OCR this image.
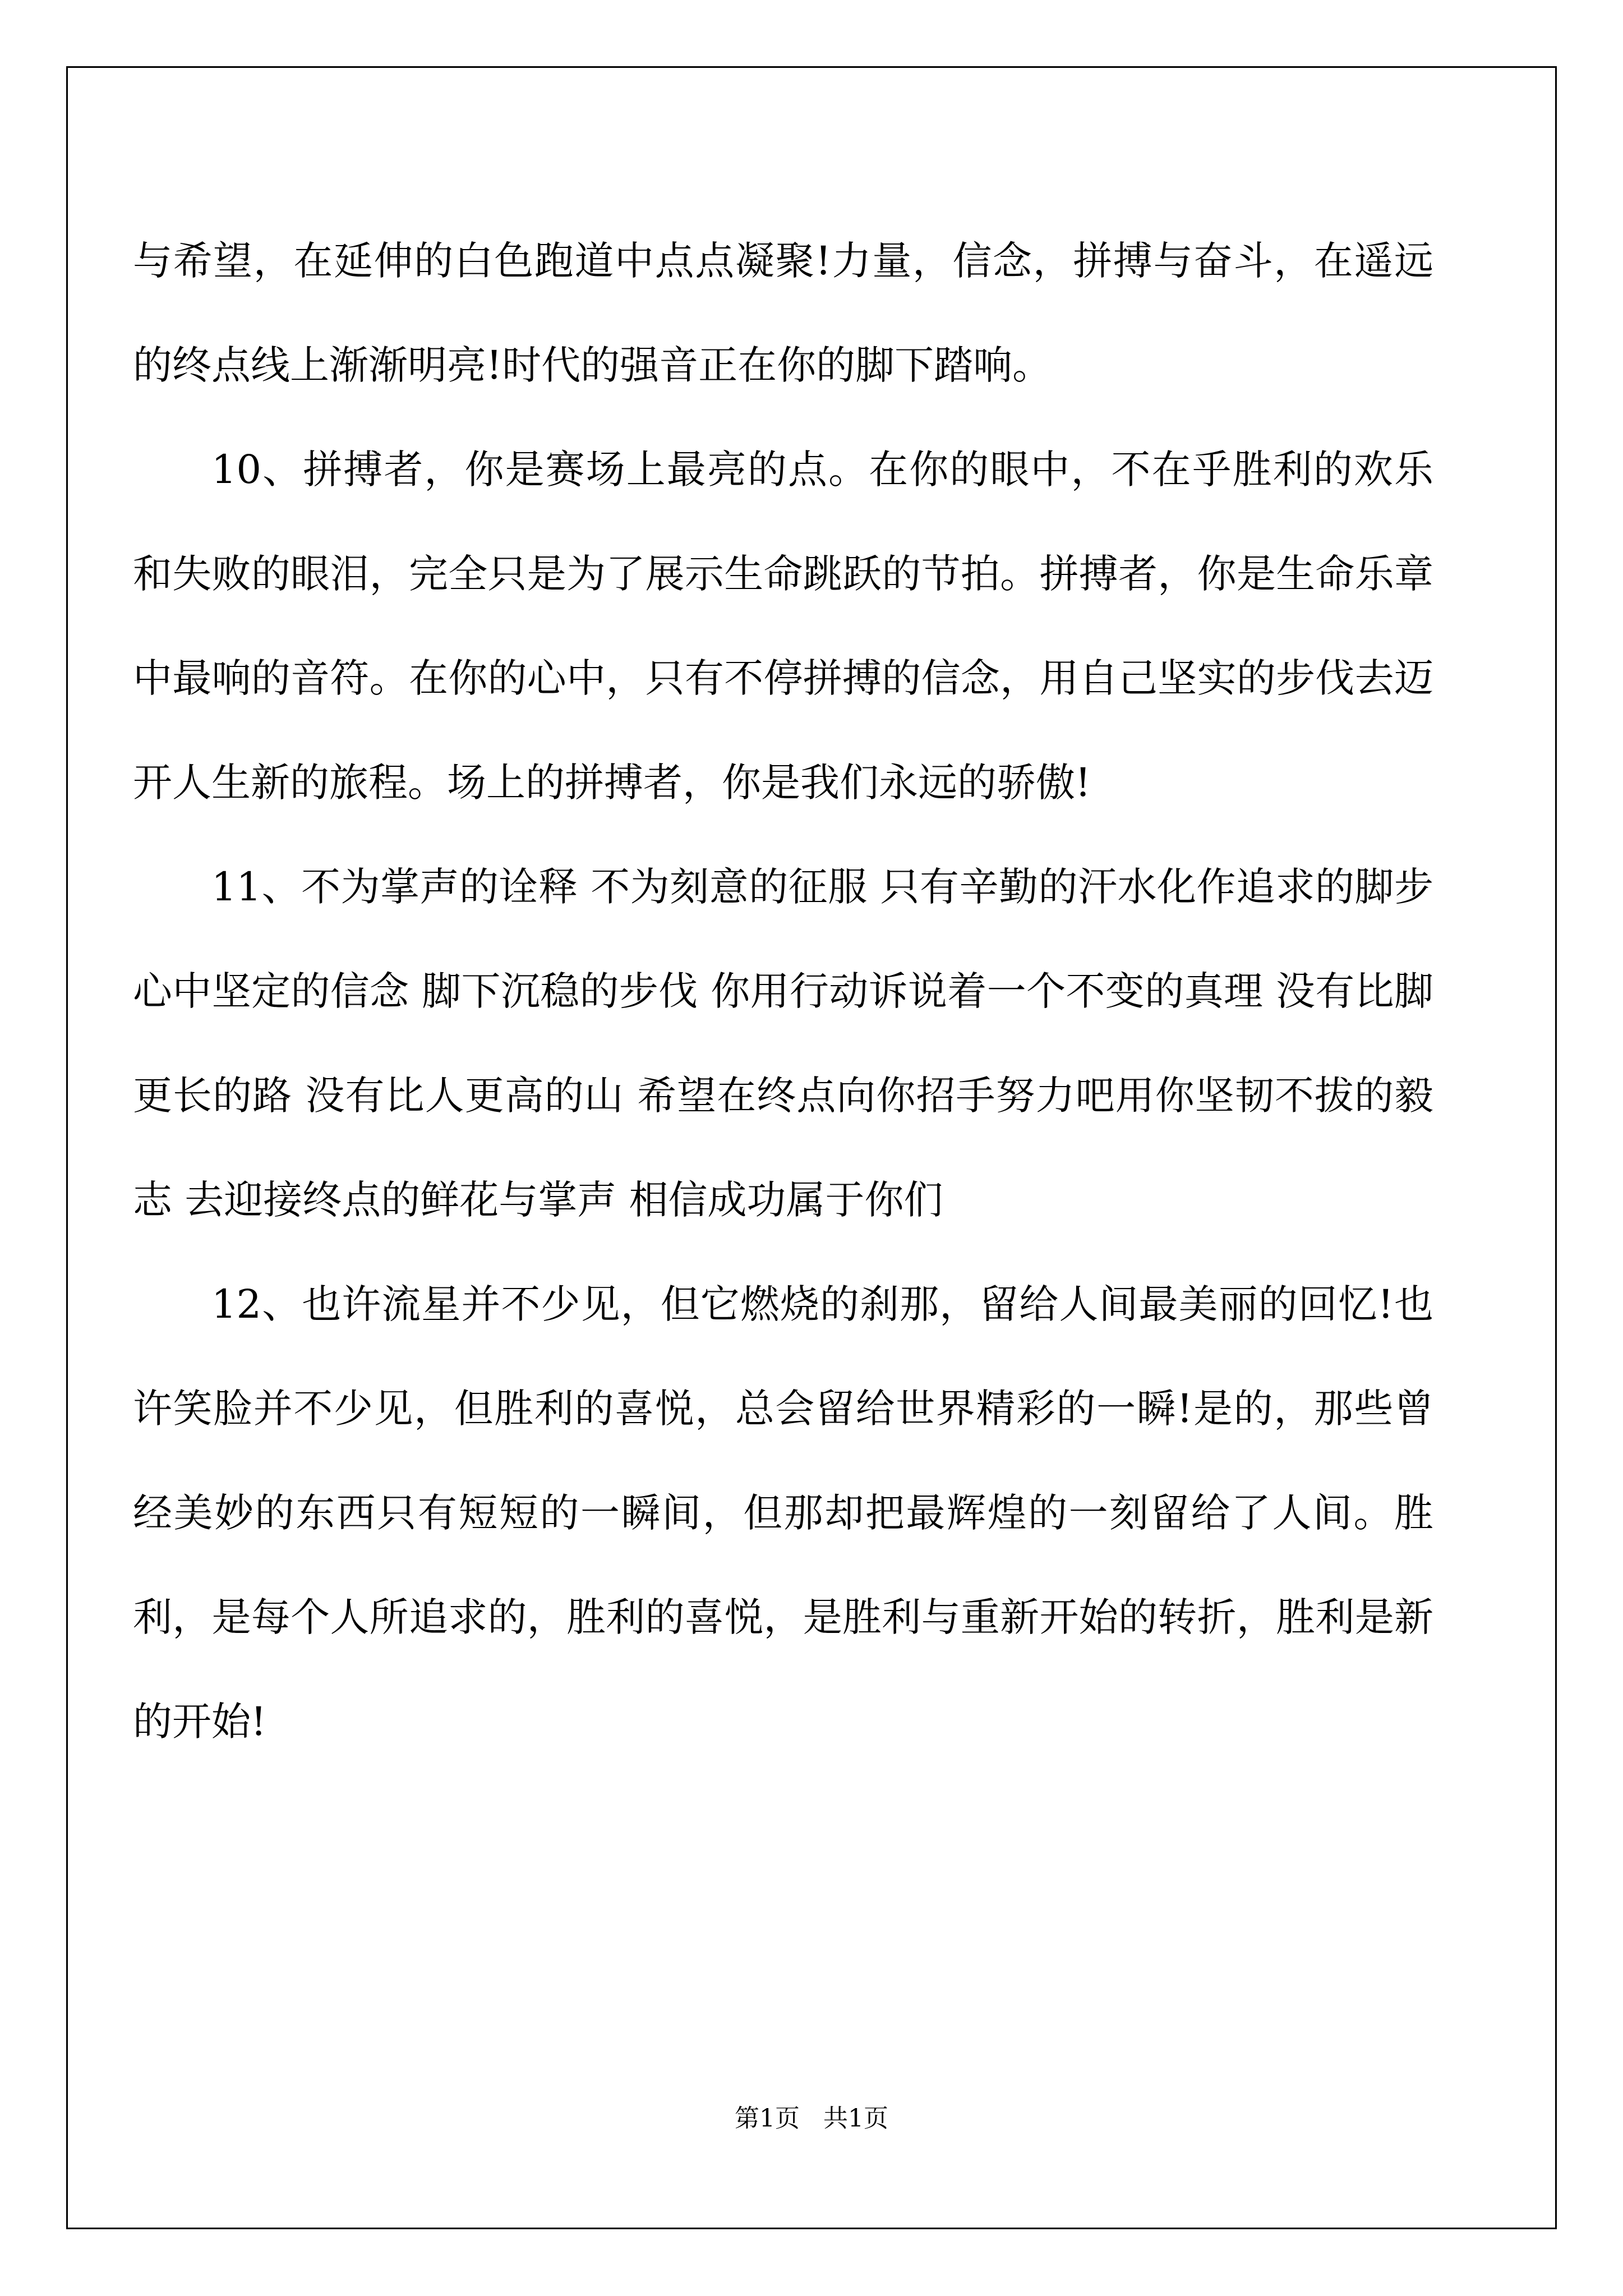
与希望，在延伸的白色跑道中点点凝聚!力量，信念，拼搏与奋斗，在遥远的终点线上渐渐明亮!时代的强音正在你的脚下踏响。

10、拼搏者，你是赛场上最亮的点。在你的眼中，不在乎胜利的欢乐和失败的眼泪，完全只是为了展示生命跳跃的节拍。拼搏者，你是生命乐章中最响的音符。在你的心中，只有不停拼搏的信念，用自己坚实的步伐去迈开人生新的旅程。场上的拼搏者，你是我们永远的骄傲!

11、不为掌声的诠释 不为刻意的征服 只有辛勤的汗水化作追求的脚步 心中坚定的信念 脚下沉稳的步伐 你用行动诉说着一个不变的真理 没有比脚更长的路 没有比人更高的山 希望在终点向你招手努力吧用你坚韧不拔的毅志 去迎接终点的鲜花与掌声 相信成功属于你们

12、也许流星并不少见，但它燃烧的刹那，留给人间最美丽的回忆!也许笑脸并不少见，但胜利的喜悦，总会留给世界精彩的一瞬!是的，那些曾经美妙的东西只有短短的一瞬间，但那却把最辉煌的一刻留给了人间。胜利，是每个人所追求的，胜利的喜悦，是胜利与重新开始的转折，胜利是新的开始!

第1页   共1页
